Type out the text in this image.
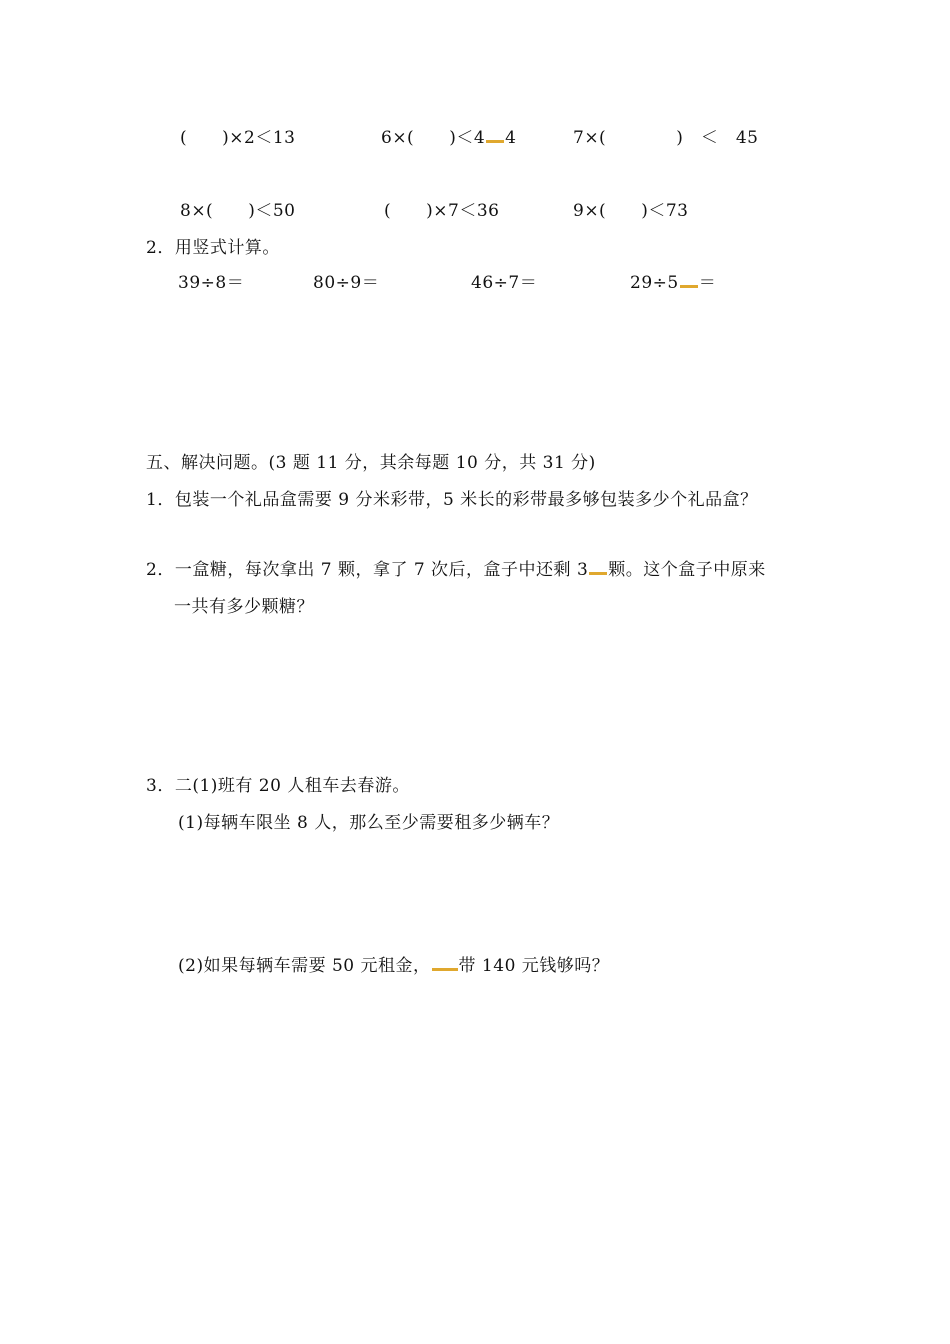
(　　)×2＜13	6×(　　)＜4 4	7×(　　　　)　＜　45
8×(　　)＜50	(　　)×7＜36	9×(　　)＜73
2．用竖式计算。
39÷8＝	80÷9＝	46÷7＝	29÷5 ＝
五、解决问题。(3 题 11 分，其余每题 10 分，共 31 分)
1．包装一个礼品盒需要 9 分米彩带，5 米长的彩带最多够包装多少个礼品盒？
2．一盒糖，每次拿出 7 颗，拿了 7 次后，盒子中还剩 3 颗。这个盒子中原来
一共有多少颗糖？
3．二(1)班有 20 人租车去春游。
(1)每辆车限坐 8 人，那么至少需要租多少辆车？
(2)如果每辆车需要 50 元租金， 带 140 元钱够吗？
